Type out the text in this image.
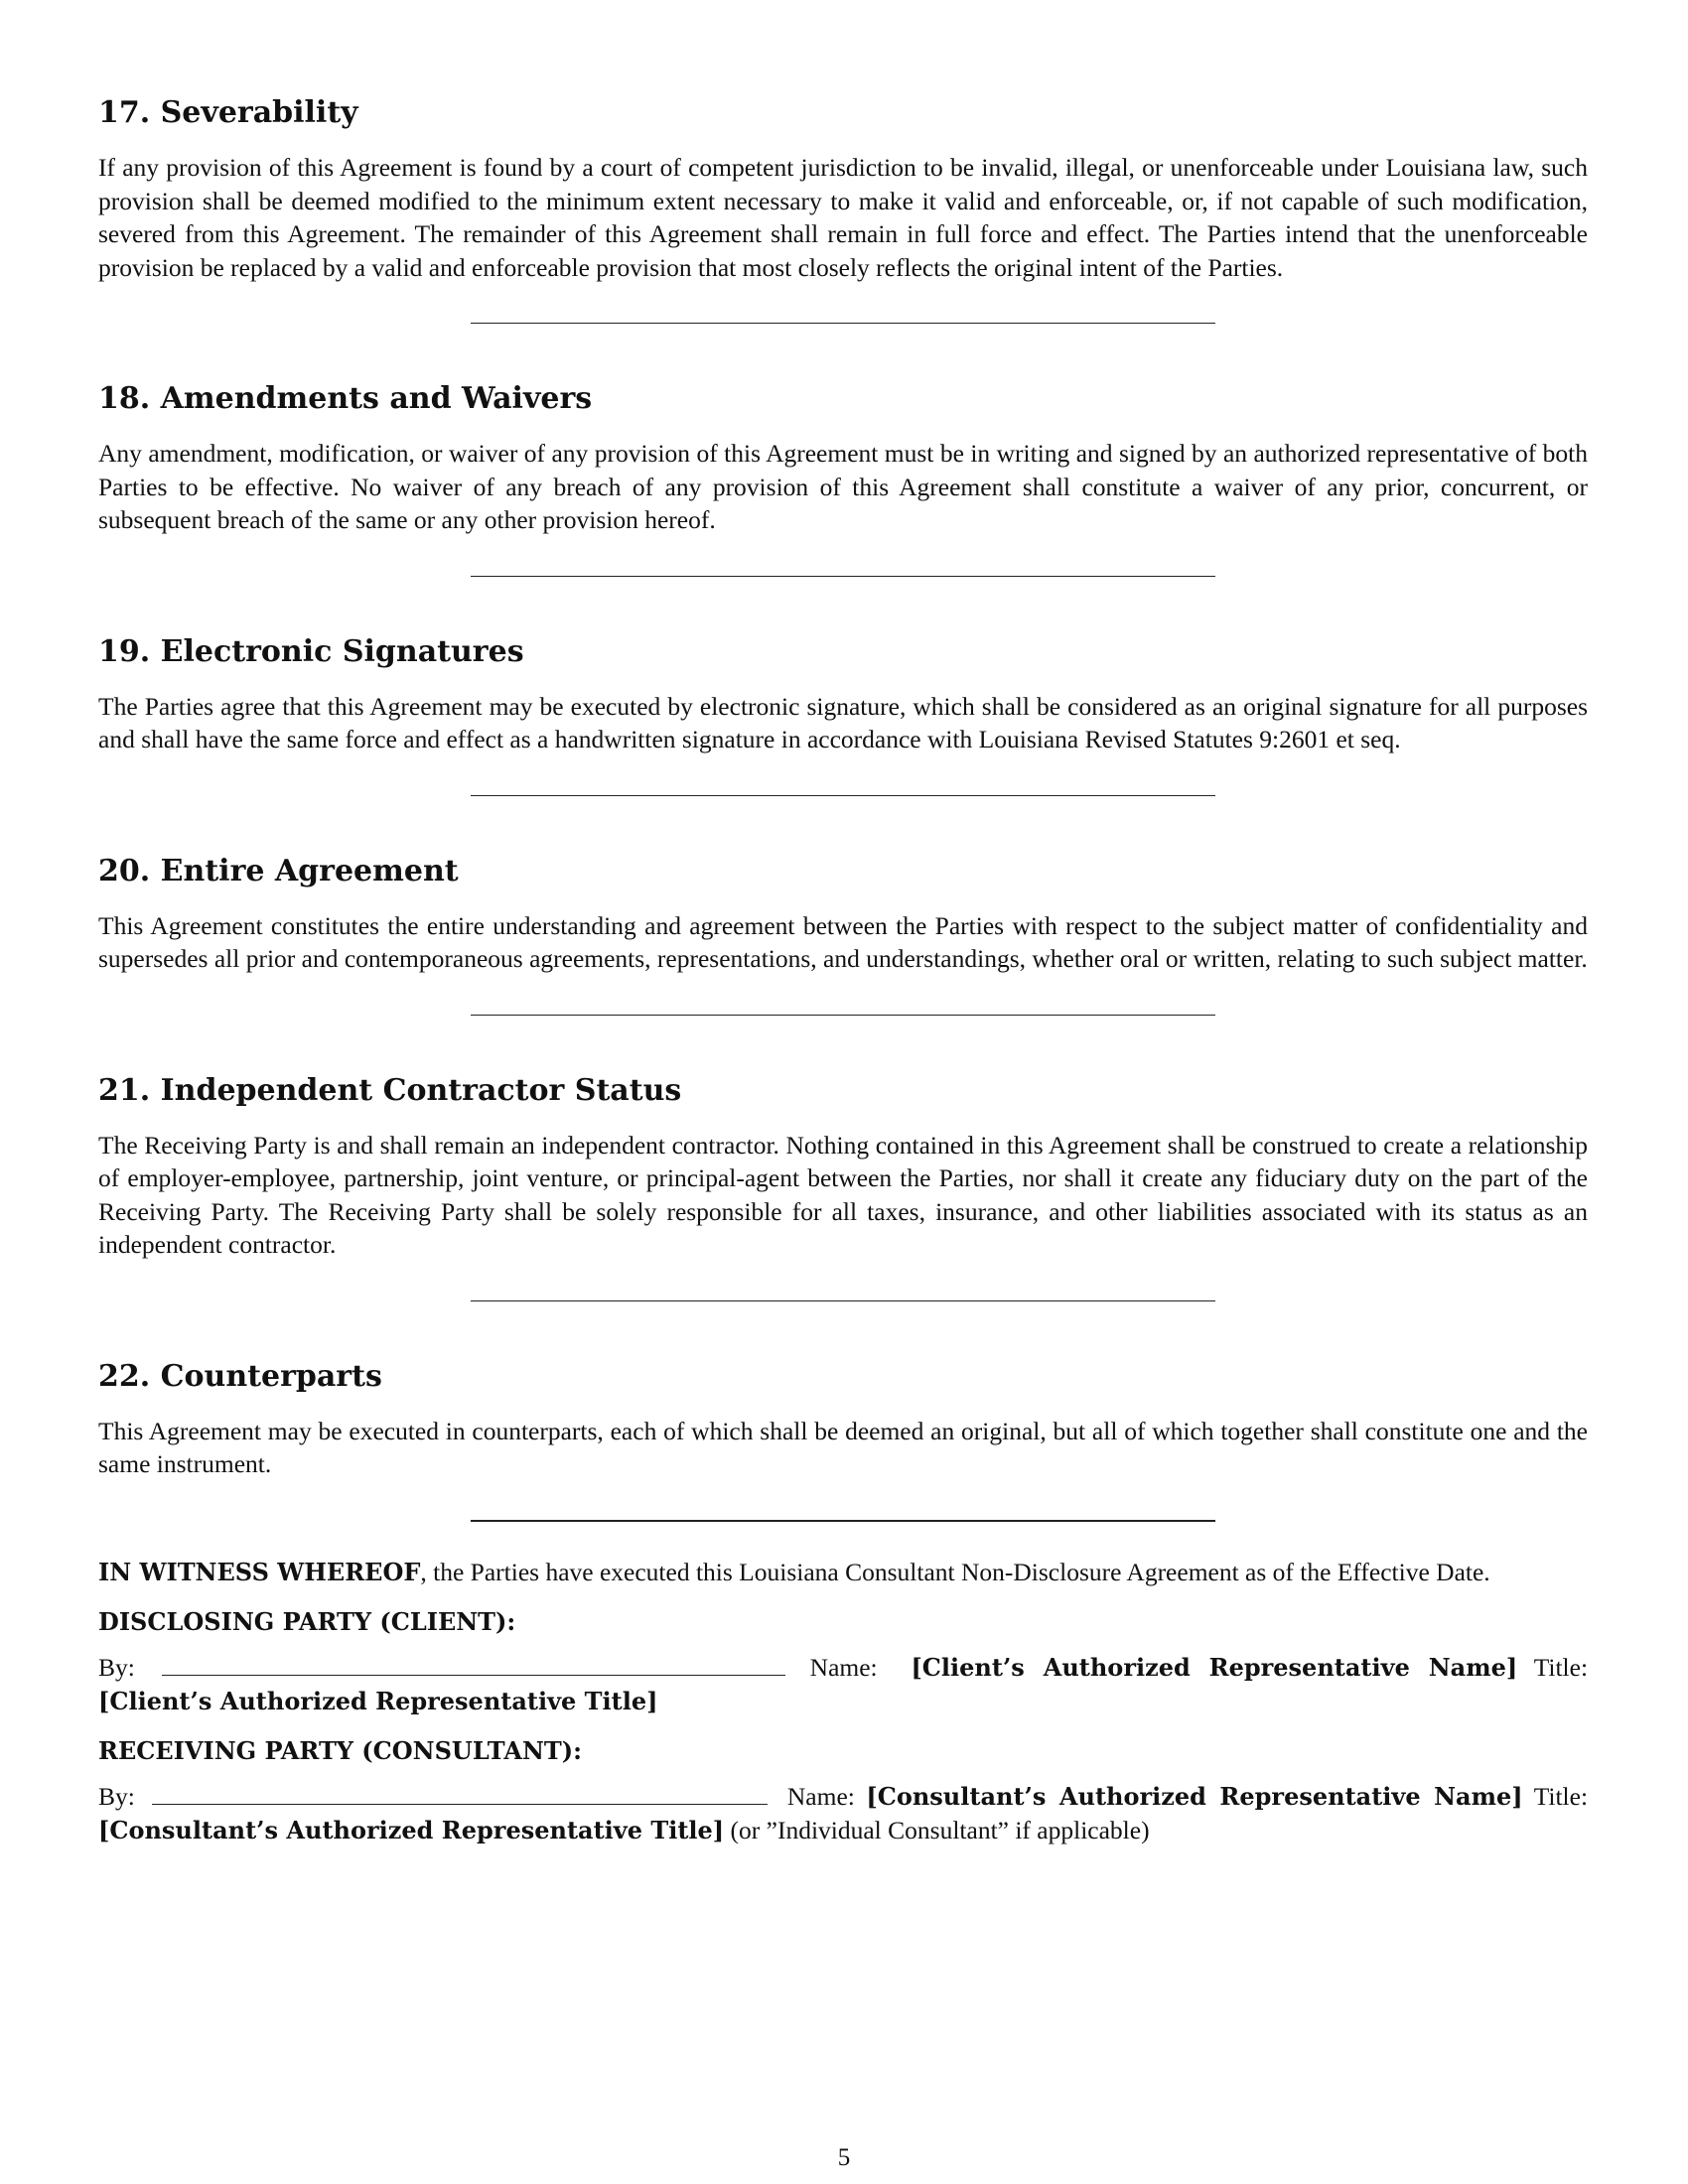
17. Severability

If any provision of this Agreement is found by a court of competent jurisdiction to be invalid, illegal, or unenforceable under Louisiana law, such provision shall be deemed modified to the minimum extent necessary to make it valid and enforceable, or, if not capable of such modification, severed from this Agreement. The remainder of this Agreement shall remain in full force and effect. The Parties intend that the unenforceable provision be replaced by a valid and enforceable provision that most closely reflects the original intent of the Parties.

18. Amendments and Waivers

Any amendment, modification, or waiver of any provision of this Agreement must be in writing and signed by an authorized representative of both Parties to be effective. No waiver of any breach of any provision of this Agreement shall constitute a waiver of any prior, concurrent, or subsequent breach of the same or any other provision hereof.

19. Electronic Signatures

The Parties agree that this Agreement may be executed by electronic signature, which shall be considered as an original signature for all purposes and shall have the same force and effect as a handwritten signature in accordance with Louisiana Revised Statutes 9:2601 et seq.

20. Entire Agreement

This Agreement constitutes the entire understanding and agreement between the Parties with respect to the subject matter of confidentiality and supersedes all prior and contemporaneous agreements, representations, and understandings, whether oral or written, relating to such subject matter.

21. Independent Contractor Status

The Receiving Party is and shall remain an independent contractor. Nothing contained in this Agreement shall be construed to create a relationship of employer-employee, partnership, joint venture, or principal-agent between the Parties, nor shall it create any fiduciary duty on the part of the Receiving Party. The Receiving Party shall be solely responsible for all taxes, insurance, and other liabilities associated with its status as an independent contractor.

22. Counterparts

This Agreement may be executed in counterparts, each of which shall be deemed an original, but all of which together shall constitute one and the same instrument.

IN WITNESS WHEREOF, the Parties have executed this Louisiana Consultant Non-Disclosure Agreement as of the Effective Date.

DISCLOSING PARTY (CLIENT):

By:	Name: [Client’s Authorized Representative Name] Title: [Client’s Authorized Representative Title]

RECEIVING PARTY (CONSULTANT):

By:	Name: [Consultant’s Authorized Representative Name] Title: [Consultant’s Authorized Representative Title] (or ”Individual Consultant” if applicable)

5
